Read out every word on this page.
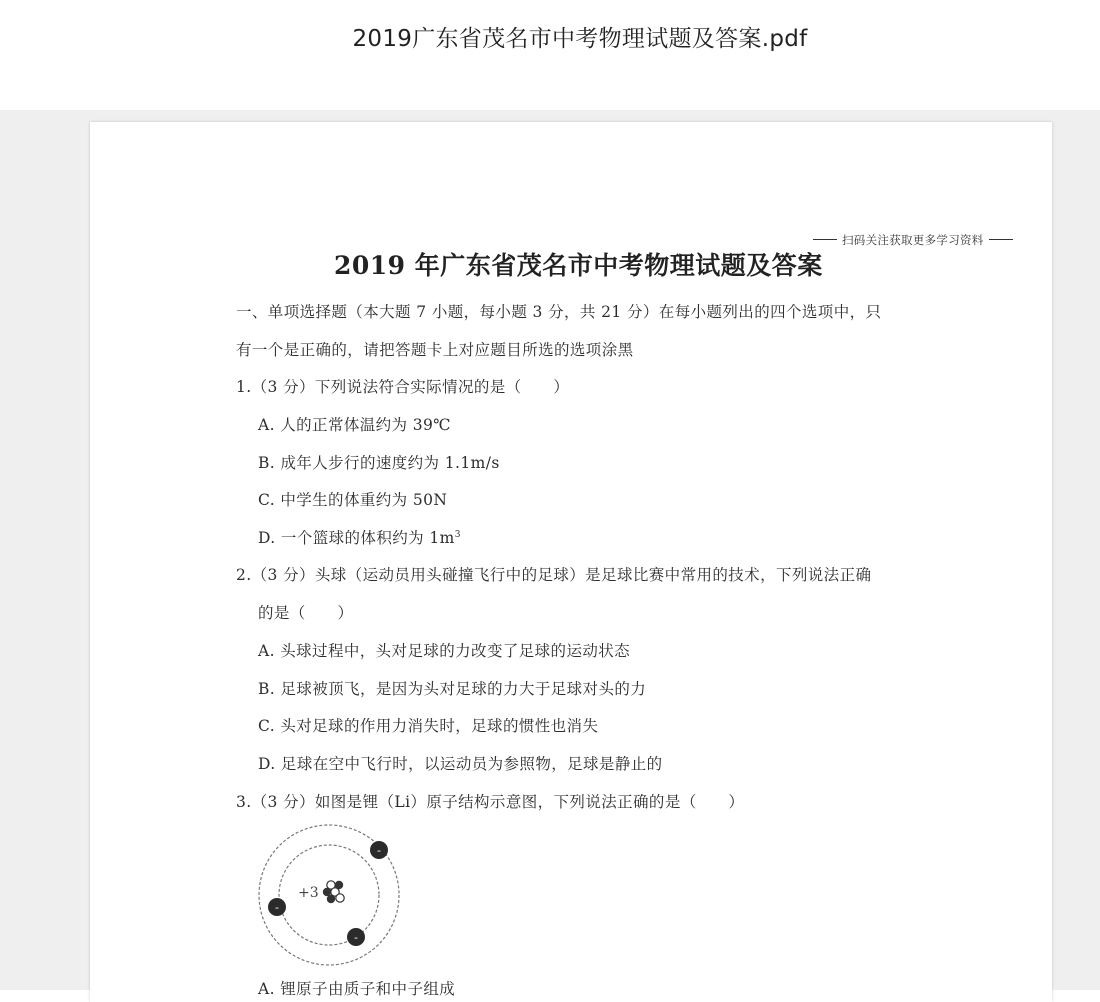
2019广东省茂名市中考物理试题及答案.pdf
扫码关注获取更多学习资料
2019 年广东省茂名市中考物理试题及答案
一、单项选择题（本大题 7 小题，每小题 3 分，共 21 分）在每小题列出的四个选项中，只
有一个是正确的，请把答题卡上对应题目所选的选项涂黑
1.（3 分）下列说法符合实际情况的是（　　）
A. 人的正常体温约为 39℃
B. 成年人步行的速度约为 1.1m/s
C. 中学生的体重约为 50N
D. 一个篮球的体积约为 $1m^3$
2.（3 分）头球（运动员用头碰撞飞行中的足球）是足球比赛中常用的技术，下列说法正确
的是（　　）
A. 头球过程中，头对足球的力改变了足球的运动状态
B. 足球被顶飞，是因为头对足球的力大于足球对头的力
C. 头对足球的作用力消失时，足球的惯性也消失
D. 足球在空中飞行时，以运动员为参照物，足球是静止的
3.（3 分）如图是锂（Li）原子结构示意图，下列说法正确的是（　　）
+3
-
-
-
A. 锂原子由质子和中子组成
